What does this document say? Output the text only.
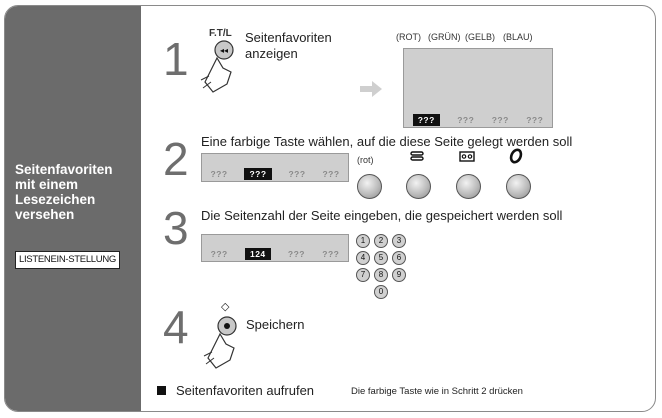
Seitenfavoriten
mit einem
Lesezeichen
versehen
LISTENEIN-STELLUNG
1 F.T/L
◂◂
Seitenfavoriten
anzeigen
(ROT) (GRÜN) (GELB) (BLAU)
???	??? ??? ???
2 Eine farbige Taste wählen, auf die diese Seite gelegt werden soll
???	???	??? ???
(rot)
3 Die Seitenzahl der Seite eingeben, die gespeichert werden soll
???	124	??? ???
1	2	3
4	5	6
7	8	9
0
4	◇
Speichern
Seitenfavoriten aufrufen	Die farbige Taste wie in Schritt 2 drücken
